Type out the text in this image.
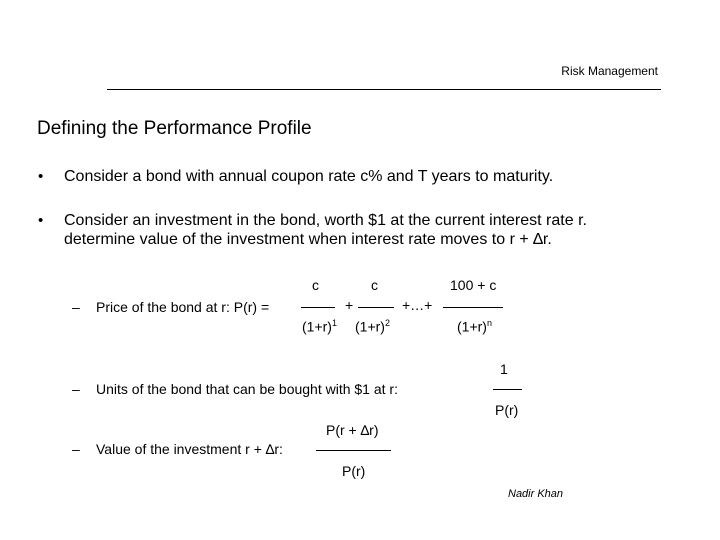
Risk Management
Defining the Performance Profile
• Consider a bond with annual coupon rate c% and T years to maturity.
• Consider an investment in the bond, worth $1 at the current interest rate r.
determine value of the investment when interest rate moves to r + ∆r.
– Price of the bond at r: P(r) =
c
$(1+r)^1$
+
c
$(1+r)^2$
+…+
100 + c
$(1+r)^n$
– Units of the bond that can be bought with $1 at r:
1
P(r)
– Value of the investment r + ∆r:
P(r + ∆r)
P(r)
Nadir Khan
